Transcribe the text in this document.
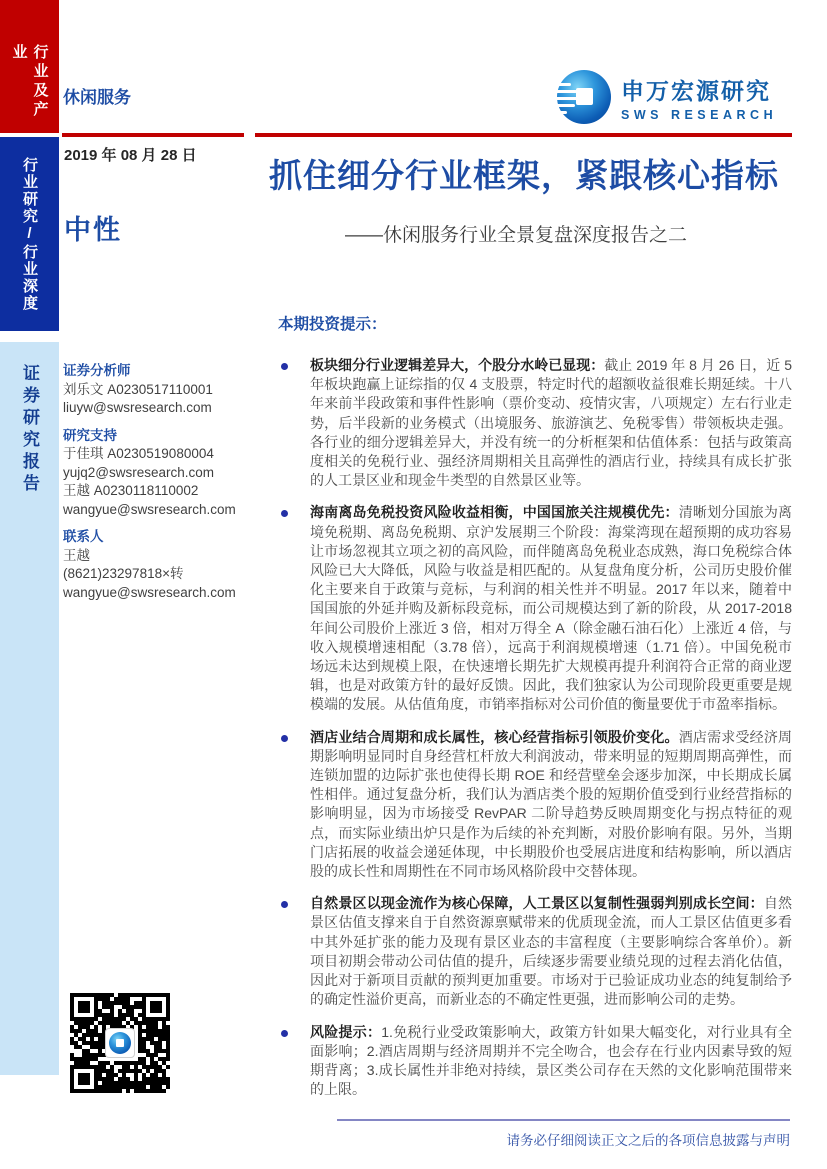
行业及产业
行业研究/行业深度
证券研究报告
休闲服务	申万宏源研究
SWS RESEARCH
2019 年 08 月 28 日
中性
抓住细分行业框架，紧跟核心指标
——休闲服务行业全景复盘深度报告之二
证券分析师
刘乐文 A0230517110001
liuyw@swsresearch.com
研究支持
于佳琪 A0230519080004
yujq2@swsresearch.com
王越 A0230118110002
wangyue@swsresearch.com
联系人
王越
(8621)23297818×转
wangyue@swsresearch.com
本期投资提示：
板块细分行业逻辑差异大，个股分水岭已显现：截止 2019 年 8 月 26 日，近 5 年板块跑赢上证综指的仅 4 支股票，特定时代的超额收益很难长期延续。十八年来前半段政策和事件性影响（票价变动、疫情灾害，八项规定）左右行业走势，后半段新的业务模式（出境服务、旅游演艺、免税零售）带领板块走强。各行业的细分逻辑差异大，并没有统一的分析框架和估值体系：包括与政策高度相关的免税行业、强经济周期相关且高弹性的酒店行业，持续具有成长扩张的人工景区业和现金牛类型的自然景区业等。
海南离岛免税投资风险收益相衡，中国国旅关注规模优先：清晰划分国旅为离境免税期、离岛免税期、京沪发展期三个阶段：海棠湾现在超预期的成功容易让市场忽视其立项之初的高风险，而伴随离岛免税业态成熟，海口免税综合体风险已大大降低，风险与收益是相匹配的。从复盘角度分析，公司历史股价催化主要来自于政策与竞标，与利润的相关性并不明显。2017 年以来，随着中国国旅的外延并购及新标段竞标，而公司规模达到了新的阶段，从 2017-2018 年间公司股价上涨近 3 倍，相对万得全 A（除金融石油石化）上涨近 4 倍，与收入规模增速相配（3.78 倍），远高于利润规模增速（1.71 倍）。中国免税市场远未达到规模上限，在快速增长期先扩大规模再提升利润符合正常的商业逻辑，也是对政策方针的最好反馈。因此，我们独家认为公司现阶段更重要是规模端的发展。从估值角度，市销率指标对公司价值的衡量要优于市盈率指标。
酒店业结合周期和成长属性，核心经营指标引领股价变化。酒店需求受经济周期影响明显同时自身经营杠杆放大利润波动，带来明显的短期周期高弹性，而连锁加盟的边际扩张也使得长期 ROE 和经营壁垒会逐步加深，中长期成长属性相伴。通过复盘分析，我们认为酒店类个股的短期价值受到行业经营指标的影响明显，因为市场接受 RevPAR 二阶导趋势反映周期变化与拐点特征的观点，而实际业绩出炉只是作为后续的补充判断，对股价影响有限。另外，当期门店拓展的收益会递延体现，中长期股价也受展店进度和结构影响，所以酒店股的成长性和周期性在不同市场风格阶段中交替体现。
自然景区以现金流作为核心保障，人工景区以复制性强弱判别成长空间：自然景区估值支撑来自于自然资源禀赋带来的优质现金流，而人工景区估值更多看中其外延扩张的能力及现有景区业态的丰富程度（主要影响综合客单价）。新项目初期会带动公司估值的提升，后续逐步需要业绩兑现的过程去消化估值，因此对于新项目贡献的预判更加重要。市场对于已验证成功业态的纯复制给予的确定性溢价更高，而新业态的不确定性更强，进而影响公司的走势。
风险提示：1.免税行业受政策影响大，政策方针如果大幅变化，对行业具有全面影响；2.酒店周期与经济周期并不完全吻合，也会存在行业内因素导致的短期背离；3.成长属性并非绝对持续，景区类公司存在天然的文化影响范围带来的上限。
请务必仔细阅读正文之后的各项信息披露与声明
